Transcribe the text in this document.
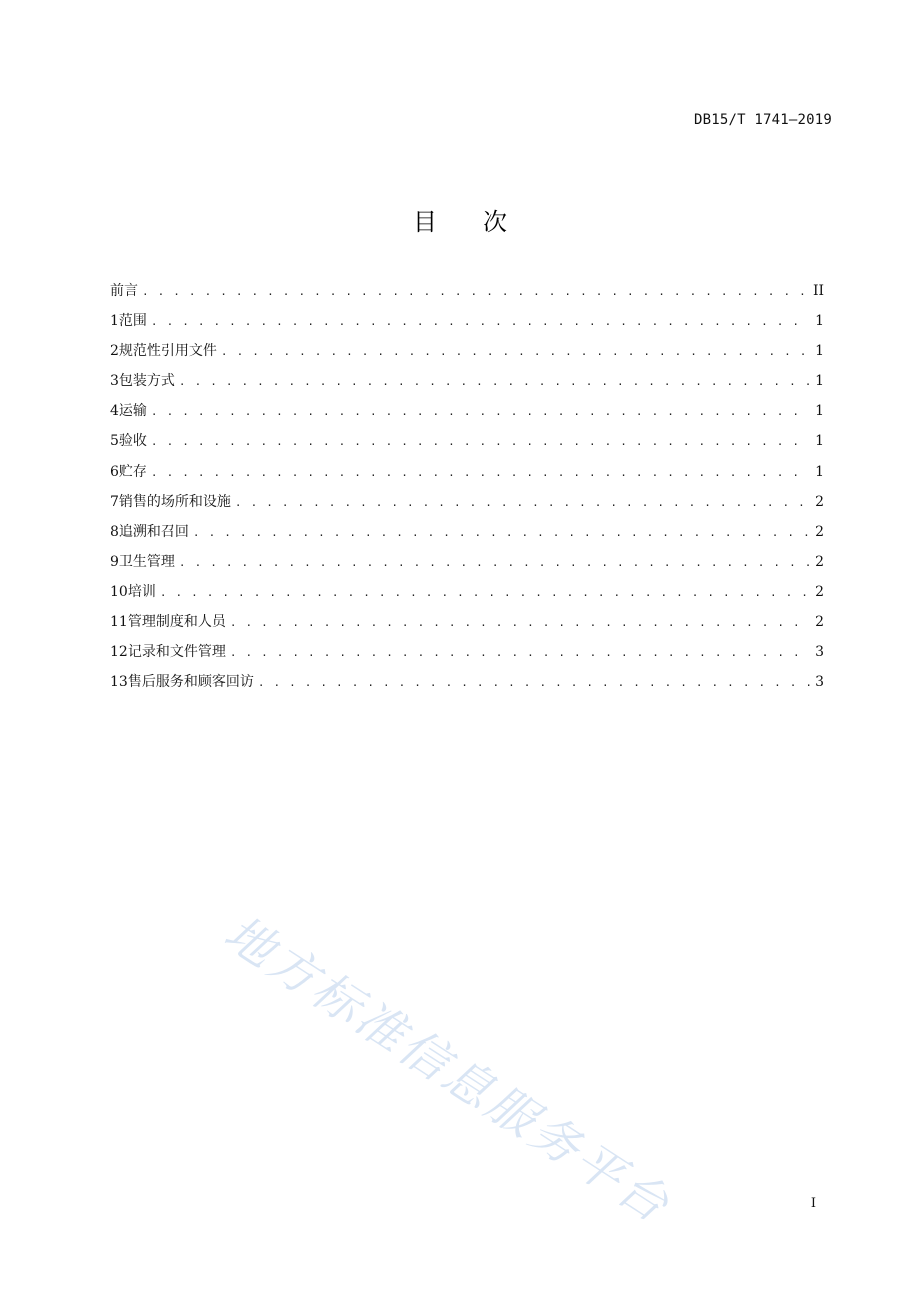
DB15/T 1741—2019
目 次
前言 . . .	II
1 范围 . . .	1
2 规范性引用文件 . . .	1
3 包装方式 . . .	1
4 运输 . . .	1
5 验收 . . .	1
6 贮存 . . .	1
7 销售的场所和设施 . . .	2
8 追溯和召回 . . .	2
9 卫生管理 . . .	2
10 培训 . . .	2
11 管理制度和人员 . . .	2
12 记录和文件管理 . . .	3
13 售后服务和顾客回访 . . .	3
地方标准信息服务平台	I
